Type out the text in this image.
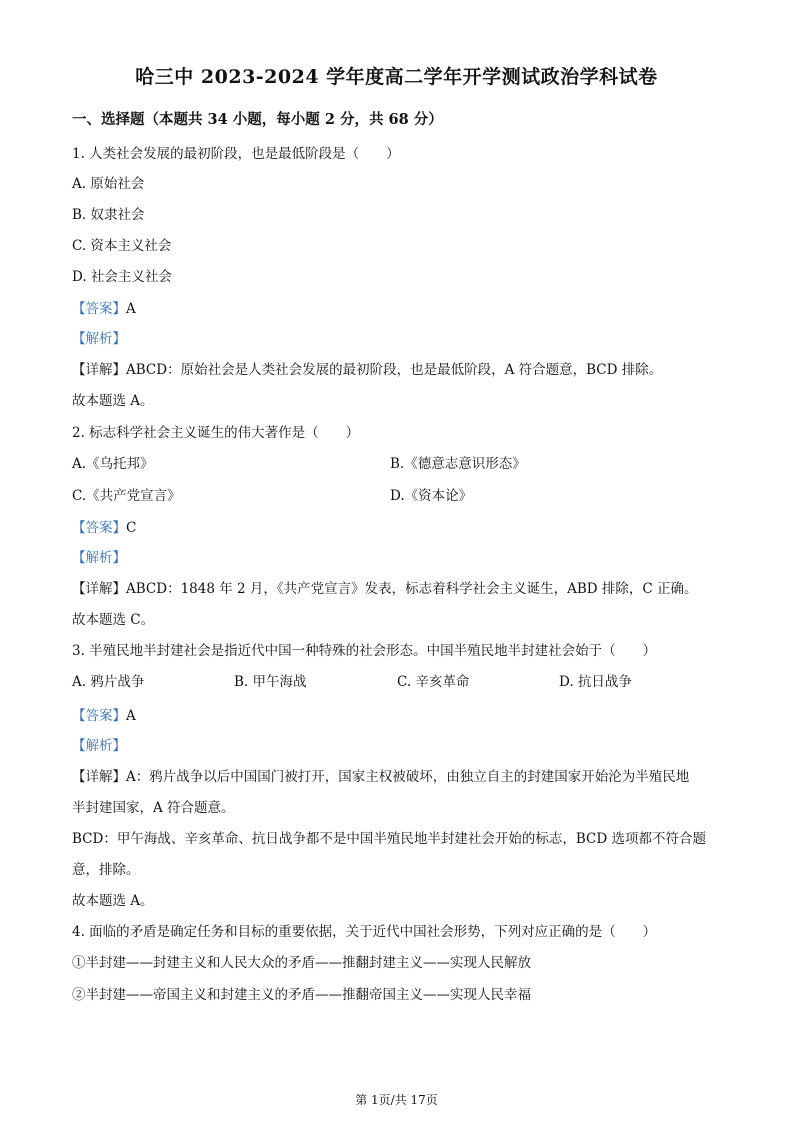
哈三中 2023-2024 学年度高二学年开学测试政治学科试卷
一、选择题（本题共 34 小题，每小题 2 分，共 68 分）
1. 人类社会发展的最初阶段，也是最低阶段是（　　）
A. 原始社会
B. 奴隶社会
C. 资本主义社会
D. 社会主义社会
【答案】A
【解析】
【详解】ABCD：原始社会是人类社会发展的最初阶段，也是最低阶段，A 符合题意，BCD 排除。
故本题选 A。
2. 标志科学社会主义诞生的伟大著作是（　　）
A.《乌托邦》	B.《德意志意识形态》
C.《共产党宣言》	D.《资本论》
【答案】C
【解析】
【详解】ABCD：1848 年 2 月，《共产党宣言》发表，标志着科学社会主义诞生，ABD 排除，C 正确。
故本题选 C。
3. 半殖民地半封建社会是指近代中国一种特殊的社会形态。中国半殖民地半封建社会始于（　　）
A. 鸦片战争	B. 甲午海战	C. 辛亥革命	D. 抗日战争
【答案】A
【解析】
【详解】A：鸦片战争以后中国国门被打开，国家主权被破坏，由独立自主的封建国家开始沦为半殖民地
半封建国家，A 符合题意。
BCD：甲午海战、辛亥革命、抗日战争都不是中国半殖民地半封建社会开始的标志，BCD 选项都不符合题
意，排除。
故本题选 A。
4. 面临的矛盾是确定任务和目标的重要依据，关于近代中国社会形势，下列对应正确的是（　　）
①半封建——封建主义和人民大众的矛盾——推翻封建主义——实现人民解放
②半封建——帝国主义和封建主义的矛盾——推翻帝国主义——实现人民幸福
第 1页/共 17页
